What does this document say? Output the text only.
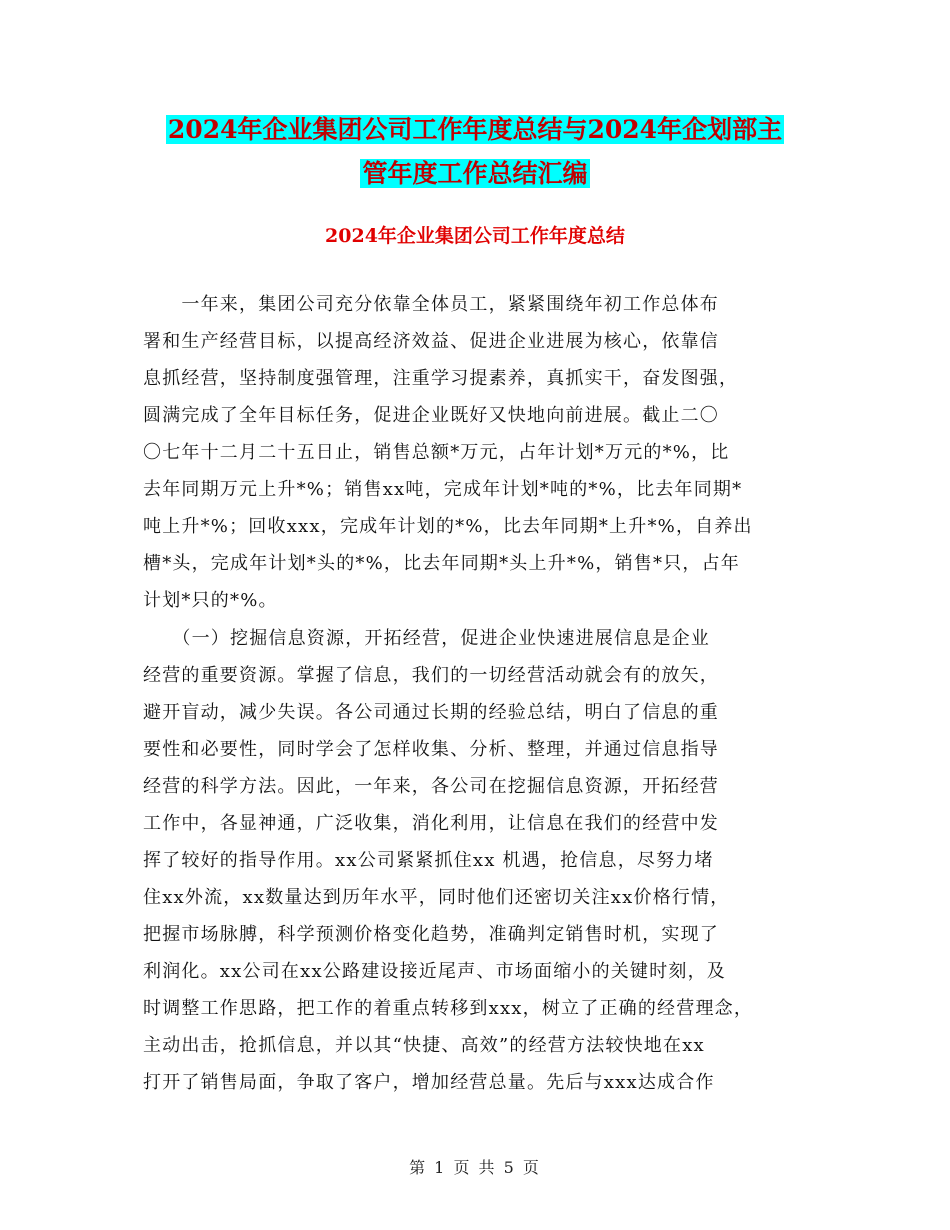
2024年企业集团公司工作年度总结与2024年企划部主
管年度工作总结汇编
2024年企业集团公司工作年度总结
　　一年来，集团公司充分依靠全体员工，紧紧围绕年初工作总体布
署和生产经营目标，以提高经济效益、促进企业进展为核心，依靠信
息抓经营，坚持制度强管理，注重学习提素养，真抓实干，奋发图强，
圆满完成了全年目标任务，促进企业既好又快地向前进展。截止二〇
〇七年十二月二十五日止，销售总额*万元，占年计划*万元的*%，比
去年同期万元上升*%；销售xx吨，完成年计划*吨的*%，比去年同期*
吨上升*%；回收xxx，完成年计划的*%，比去年同期*上升*%，自养出
槽*头，完成年计划*头的*%，比去年同期*头上升*%，销售*只，占年
计划*只的*%。
　　（一）挖掘信息资源，开拓经营，促进企业快速进展信息是企业
经营的重要资源。掌握了信息，我们的一切经营活动就会有的放矢，
避开盲动，减少失误。各公司通过长期的经验总结，明白了信息的重
要性和必要性，同时学会了怎样收集、分析、整理，并通过信息指导
经营的科学方法。因此，一年来，各公司在挖掘信息资源，开拓经营
工作中，各显神通，广泛收集，消化利用，让信息在我们的经营中发
挥了较好的指导作用。xx公司紧紧抓住xx 机遇，抢信息，尽努力堵
住xx外流，xx数量达到历年水平，同时他们还密切关注xx价格行情，
把握市场脉膊，科学预测价格变化趋势，准确判定销售时机，实现了
利润化。xx公司在xx公路建设接近尾声、市场面缩小的关键时刻，及
时调整工作思路，把工作的着重点转移到xxx，树立了正确的经营理念，
主动出击，抢抓信息，并以其“快捷、高效”的经营方法较快地在xx
打开了销售局面，争取了客户，增加经营总量。先后与xxx达成合作
第 1 页 共 5 页
